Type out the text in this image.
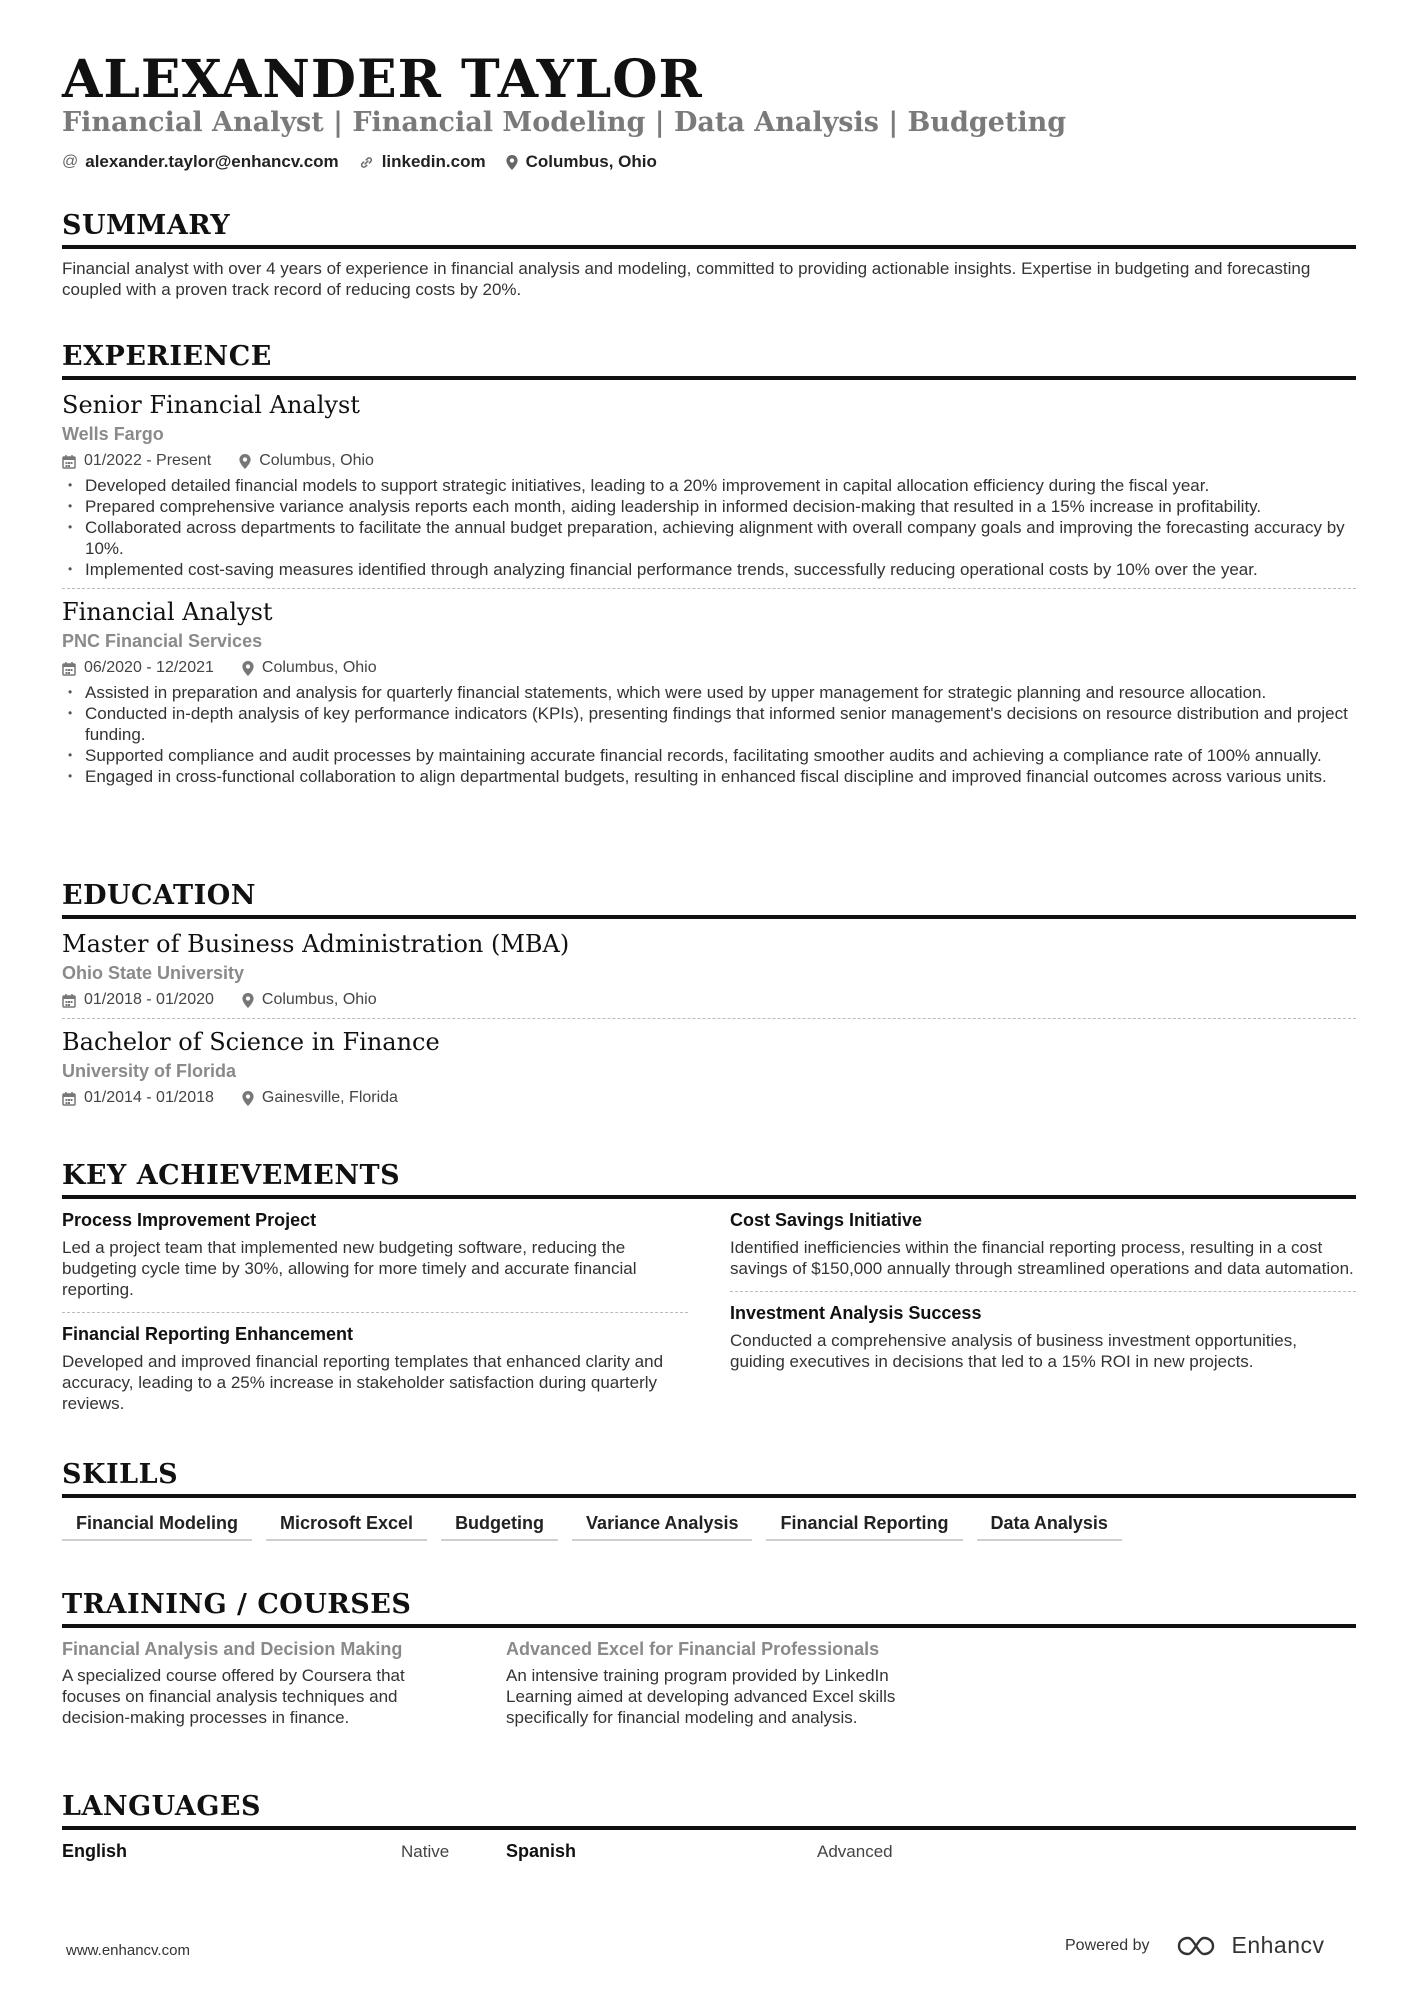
ALEXANDER TAYLOR
Financial Analyst | Financial Modeling | Data Analysis | Budgeting
@ alexander.taylor@enhancv.com	linkedin.com Columbus, Ohio
SUMMARY
Financial analyst with over 4 years of experience in financial analysis and modeling, committed to providing actionable insights. Expertise in budgeting and forecasting coupled with a proven track record of reducing costs by 20%.
EXPERIENCE
Senior Financial Analyst
Wells Fargo
01/2022 - Present	Columbus, Ohio
• Developed detailed financial models to support strategic initiatives, leading to a 20% improvement in capital allocation efficiency during the fiscal year.
• Prepared comprehensive variance analysis reports each month, aiding leadership in informed decision-making that resulted in a 15% increase in profitability.
• Collaborated across departments to facilitate the annual budget preparation, achieving alignment with overall company goals and improving the forecasting accuracy by 10%.
• Implemented cost-saving measures identified through analyzing financial performance trends, successfully reducing operational costs by 10% over the year.
Financial Analyst
PNC Financial Services
06/2020 - 12/2021	Columbus, Ohio
• Assisted in preparation and analysis for quarterly financial statements, which were used by upper management for strategic planning and resource allocation.
• Conducted in-depth analysis of key performance indicators (KPIs), presenting findings that informed senior management's decisions on resource distribution and project funding.
• Supported compliance and audit processes by maintaining accurate financial records, facilitating smoother audits and achieving a compliance rate of 100% annually.
• Engaged in cross-functional collaboration to align departmental budgets, resulting in enhanced fiscal discipline and improved financial outcomes across various units.
EDUCATION
Master of Business Administration (MBA)
Ohio State University
01/2018 - 01/2020	Columbus, Ohio
Bachelor of Science in Finance
University of Florida
01/2014 - 01/2018	Gainesville, Florida
KEY ACHIEVEMENTS
Process Improvement Project
Led a project team that implemented new budgeting software, reducing the budgeting cycle time by 30%, allowing for more timely and accurate financial reporting.
Financial Reporting Enhancement
Developed and improved financial reporting templates that enhanced clarity and accuracy, leading to a 25% increase in stakeholder satisfaction during quarterly reviews.
Cost Savings Initiative
Identified inefficiencies within the financial reporting process, resulting in a cost savings of $150,000 annually through streamlined operations and data automation.
Investment Analysis Success
Conducted a comprehensive analysis of business investment opportunities, guiding executives in decisions that led to a 15% ROI in new projects.
SKILLS
Financial Modeling Microsoft Excel Budgeting Variance Analysis Financial Reporting Data Analysis
TRAINING / COURSES
Financial Analysis and Decision Making
A specialized course offered by Coursera that focuses on financial analysis techniques and decision-making processes in finance.
Advanced Excel for Financial Professionals
An intensive training program provided by LinkedIn Learning aimed at developing advanced Excel skills specifically for financial modeling and analysis.
LANGUAGES
English	Native	Spanish	Advanced
www.enhancv.com	Powered by	Enhancv
